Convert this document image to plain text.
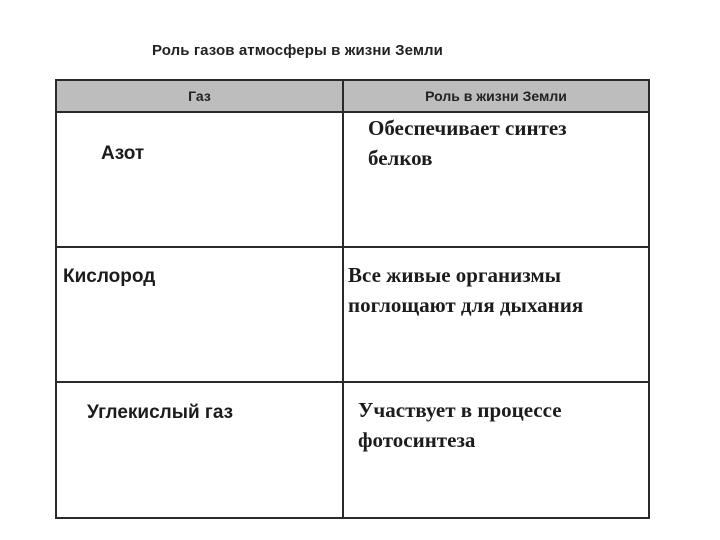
Роль газов атмосферы в жизни Земли
Газ	Роль в жизни Земли

Азот	Обеспечивает синтез
белков

Кислород	Все живые организмы
поглощают для дыхания

Углекислый газ	Участвует в процессе
фотосинтеза
